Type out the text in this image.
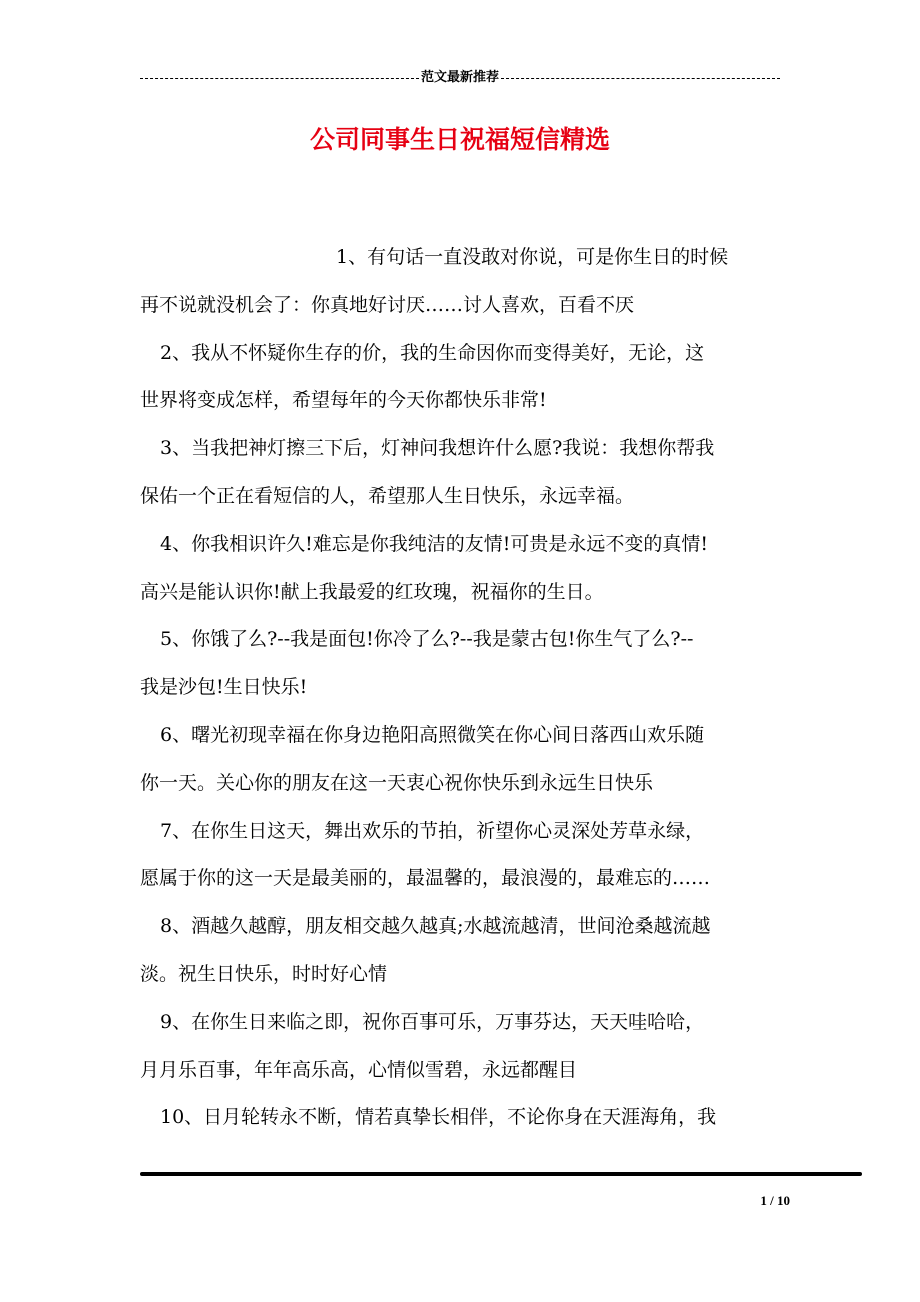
范文最新推荐
公司同事生日祝福短信精选

1、有句话一直没敢对你说，可是你生日的时候
再不说就没机会了：你真地好讨厌……讨人喜欢，百看不厌

2、我从不怀疑你生存的价，我的生命因你而变得美好，无论，这
世界将变成怎样，希望每年的今天你都快乐非常!

3、当我把神灯擦三下后，灯神问我想许什么愿?我说：我想你帮我
保佑一个正在看短信的人，希望那人生日快乐，永远幸福。

4、你我相识许久!难忘是你我纯洁的友情!可贵是永远不变的真情!
高兴是能认识你!献上我最爱的红玫瑰，祝福你的生日。

5、你饿了么?--我是面包!你冷了么?--我是蒙古包!你生气了么?--
我是沙包!生日快乐!

6、曙光初现幸福在你身边艳阳高照微笑在你心间日落西山欢乐随
你一天。关心你的朋友在这一天衷心祝你快乐到永远生日快乐

7、在你生日这天，舞出欢乐的节拍，祈望你心灵深处芳草永绿，
愿属于你的这一天是最美丽的，最温馨的，最浪漫的，最难忘的……

8、酒越久越醇，朋友相交越久越真;水越流越清，世间沧桑越流越
淡。祝生日快乐，时时好心情

9、在你生日来临之即，祝你百事可乐，万事芬达，天天哇哈哈，
月月乐百事，年年高乐高，心情似雪碧，永远都醒目

10、日月轮转永不断，情若真挚长相伴，不论你身在天涯海角，我

1 / 10
